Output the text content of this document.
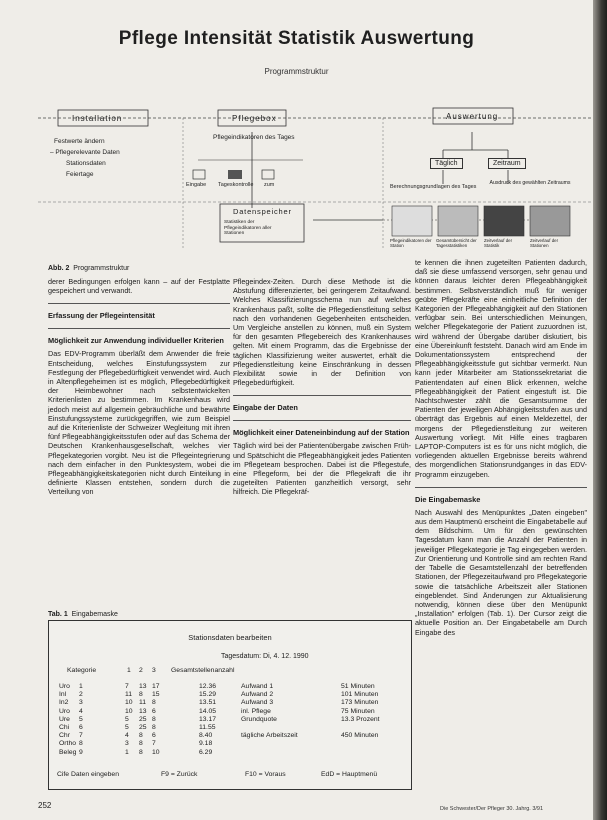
Pflege Intensität Statistik Auswertung
Programmstruktur
Installation	Pflegebox	Auswertung
Festwerte ändern
– Pflegerelevante Daten
Stationsdaten
Feiertage
Pflegeindikatoren des Tages
Eingabe Tageskontrolle zum
Datenspeicher
Statistiken der Pflegeindikatoren aller Stationen
Täglich	Zeitraum
Berechnungsgrundlagen des Tages
Ausdruck des gewählten Zeitraums
Pflegeindikatoren der Station
Gesamtübersicht der Tagesstatistiken
Zeitverlauf der Statistik
Zeitverlauf der Stationen
Abb. 2 Programmstruktur

derer Bedingungen erfolgen kann – auf der Festplatte gespeichert und verwandt.

Erfassung der Pflegeintensität
Möglichkeit zur Anwendung individueller Kriterien

Das EDV-Programm überläßt dem Anwender die freie Entscheidung, welches Einstufungssystem zur Festlegung der Pflegebedürftigkeit verwendet wird. Auch in Altenpflegeheimen ist es möglich, Pflegebedürftigkeit der Heimbewohner nach selbstentwickelten Kriterienlisten zu bestimmen. Im Krankenhaus wird jedoch meist auf allgemein gebräuchliche und bewährte Einstufungssysteme zurückgegriffen, wie zum Beispiel auf die Kriterienliste der Schweizer Wegleitung mit ihren fünf Pflegeabhängigkeitsstufen oder auf das Schema der Deutschen Krankenhausgesellschaft, welches vier Pflegekategorien vorgibt. Neu ist die Pflegeintegrierung nach dem einfacher in den Punktesystem, wobei die Pflegeabhängigkeitskategorien nicht durch Einteilung in definierte Klassen entstehen, sondern durch die Verteilung von

Pflegeindex-Zeiten. Durch diese Methode ist die Abstufung differenzierter, bei geringerem Zeitaufwand. Welches Klassifizierungsschema nun auf welches Krankenhaus paßt, sollte die Pflegedienstleitung selbst nach den vorhandenen Gegebenheiten entscheiden. Um Vergleiche anstellen zu können, muß ein System für den gesamten Pflegebereich des Krankenhauses gelten. Mit einem Programm, das die Ergebnisse der täglichen Klassifizierung weiter auswertet, erhält die Pflegedienstleitung keine Einschränkung in dessen Flexibilität sowie in der Definition von Pflegebedürftigkeit.

Eingabe der Daten
Möglichkeit einer Dateneinbindung auf der Station

Täglich wird bei der Patientenübergabe zwischen Früh- und Spätschicht die Pflegeabhängigkeit jedes Patienten im Pflegeteam besprochen. Dabei ist die Pflegestufe, eine Pflegeform, bei der die Pflegekraft die ihr zugeteilten Patienten ganzheitlich versorgt, sehr hilfreich. Die Pflegekräf-

te kennen die ihnen zugeteilten Patienten dadurch, daß sie diese umfassend versorgen, sehr genau und können daraus leichter deren Pflegeabhängigkeit bestimmen. Selbstverständlich muß für weniger geübte Pflegekräfte eine einheitliche Definition der Kategorien der Pflegeabhängigkeit auf den Stationen verfügbar sein. Bei unterschiedlichen Meinungen, welcher Pflegekategorie der Patient zuzuordnen ist, wird während der Übergabe darüber diskutiert, bis eine Übereinkunft feststeht. Danach wird am Ende im Dokumentationssystem entsprechend der Pflegeabhängigkeitsstufe gut sichtbar vermerkt. Nun kann jeder Mitarbeiter am Stationssekretariat die Patientendaten auf einen Blick erkennen, welche Pflegeabhängigkeit der Patient eingestuft ist. Die Nachtschwester zählt die Gesamtsumme der Patienten der jeweiligen Abhängigkeitsstufen aus und überträgt das Ergebnis auf einen Meldezettel, der morgens der Pflegedienstleitung zur weiteren Auswertung vorliegt. Mit Hilfe eines tragbaren LAPTOP-Computers ist es für uns nicht möglich, die vorliegenden aktuellen Ergebnisse bereits während des morgendlichen Stationsrundganges in das EDV-Programm einzugeben.

Die Eingabemaske

Nach Auswahl des Menüpunktes „Daten eingeben" aus dem Hauptmenü erscheint die Eingabetabelle auf dem Bildschirm. Um für den gewünschten Tagesdatum kann man die Anzahl der Patienten in jeweiliger Pflegekategorie je Tag eingegeben werden. Zur Orientierung und Kontrolle sind am rechten Rand der Tabelle die Gesamtstellenzahl der betreffenden Stationen, der Pflegezeitaufwand pro Pflegekategorie sowie die tatsächliche Arbeitszeit aller Stationen eingeblendet. Sind Änderungen zur Aktualisierung notwendig, können diese über den Menüpunkt „Installation" erfolgen (Tab. 1). Der Cursor zeigt die aktuelle Position an. Der Eingabetabelle am Durch Eingabe des

Tab. 1 Eingabemaske
Stationsdaten bearbeiten
Tagesdatum: Di, 4. 12. 1990
Kategorie	1 2 3 Gesamtstellenanzahl
Uro 1	7 13 17	12.36
Inl 2	11 8 15	15.29
In2 3	10 11 8	13.51
Uro 4	10 13 6	14.05
Ure 5	5 25 8	13.17
Chi 6	5 25 8	11.55
Chr 7	4 8 6	8.40
Ortho 8	3 8 7	9.18
Beleg 9	1 8 10	6.29
Aufwand 1	51 Minuten
Aufwand 2	101 Minuten
Aufwand 3	173 Minuten
inl. Pflege	75 Minuten
Grundquote	13.3 Prozent
tägliche Arbeitszeit	450 Minuten
Cife Daten eingeben	F9 = Zurück	F10 = Voraus	EdD = Hauptmenü
252	Die Schwester/Der Pfleger 30. Jahrg. 3/91
